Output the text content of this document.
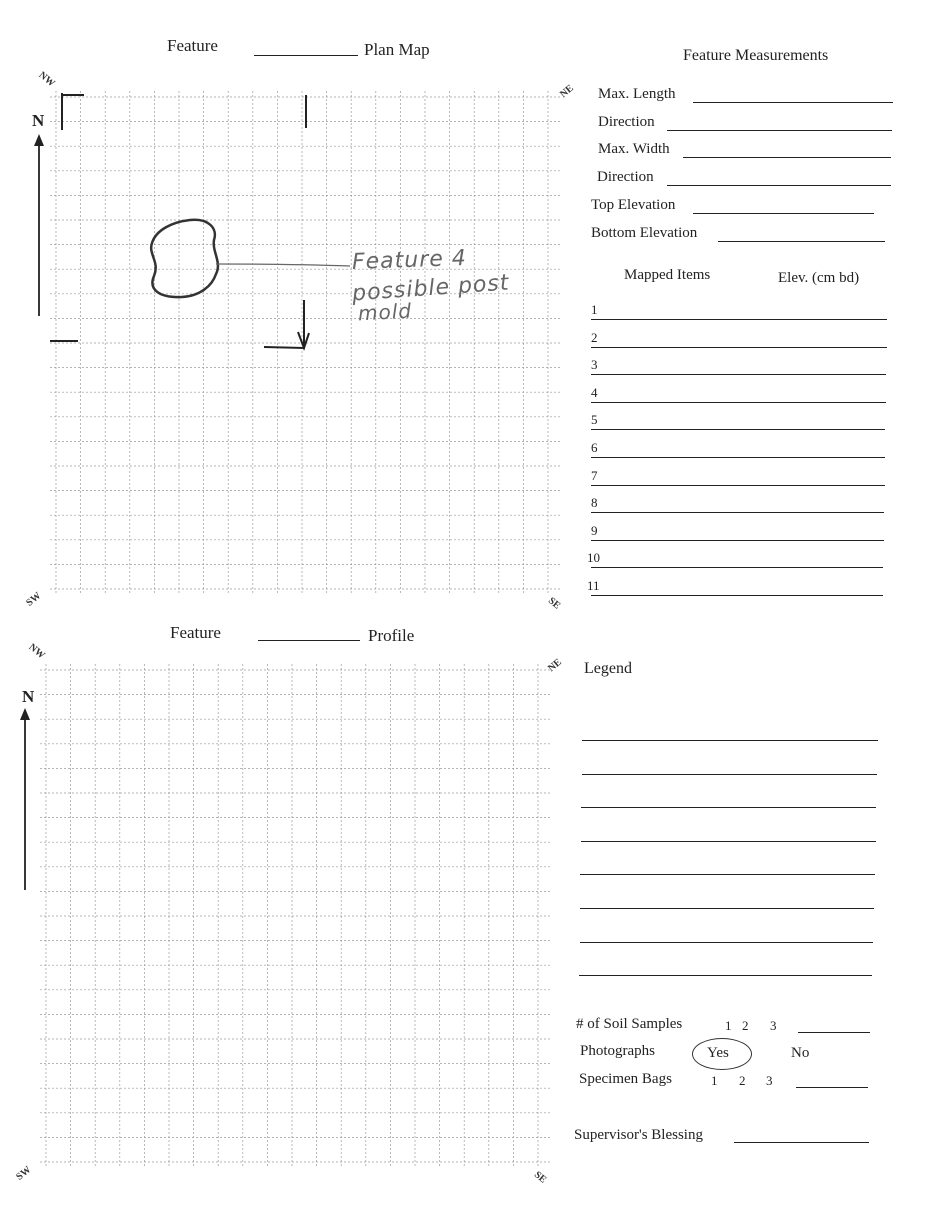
Feature	Plan Map
NW
NE
SW	SE
N
Feature 4
possible post
mold
Feature Measurements
Max. Length
Direction
Max. Width
Direction
Top Elevation
Bottom Elevation
Mapped Items	Elev. (cm bd)
1
2
3
4
5
6
7
8
9
10
11
Feature	Profile
NW
NE
SW	SE
N
Legend
# of Soil Samples	1 2 3
Photographs	Yes	No
Specimen Bags	1 2 3
Supervisor's Blessing
